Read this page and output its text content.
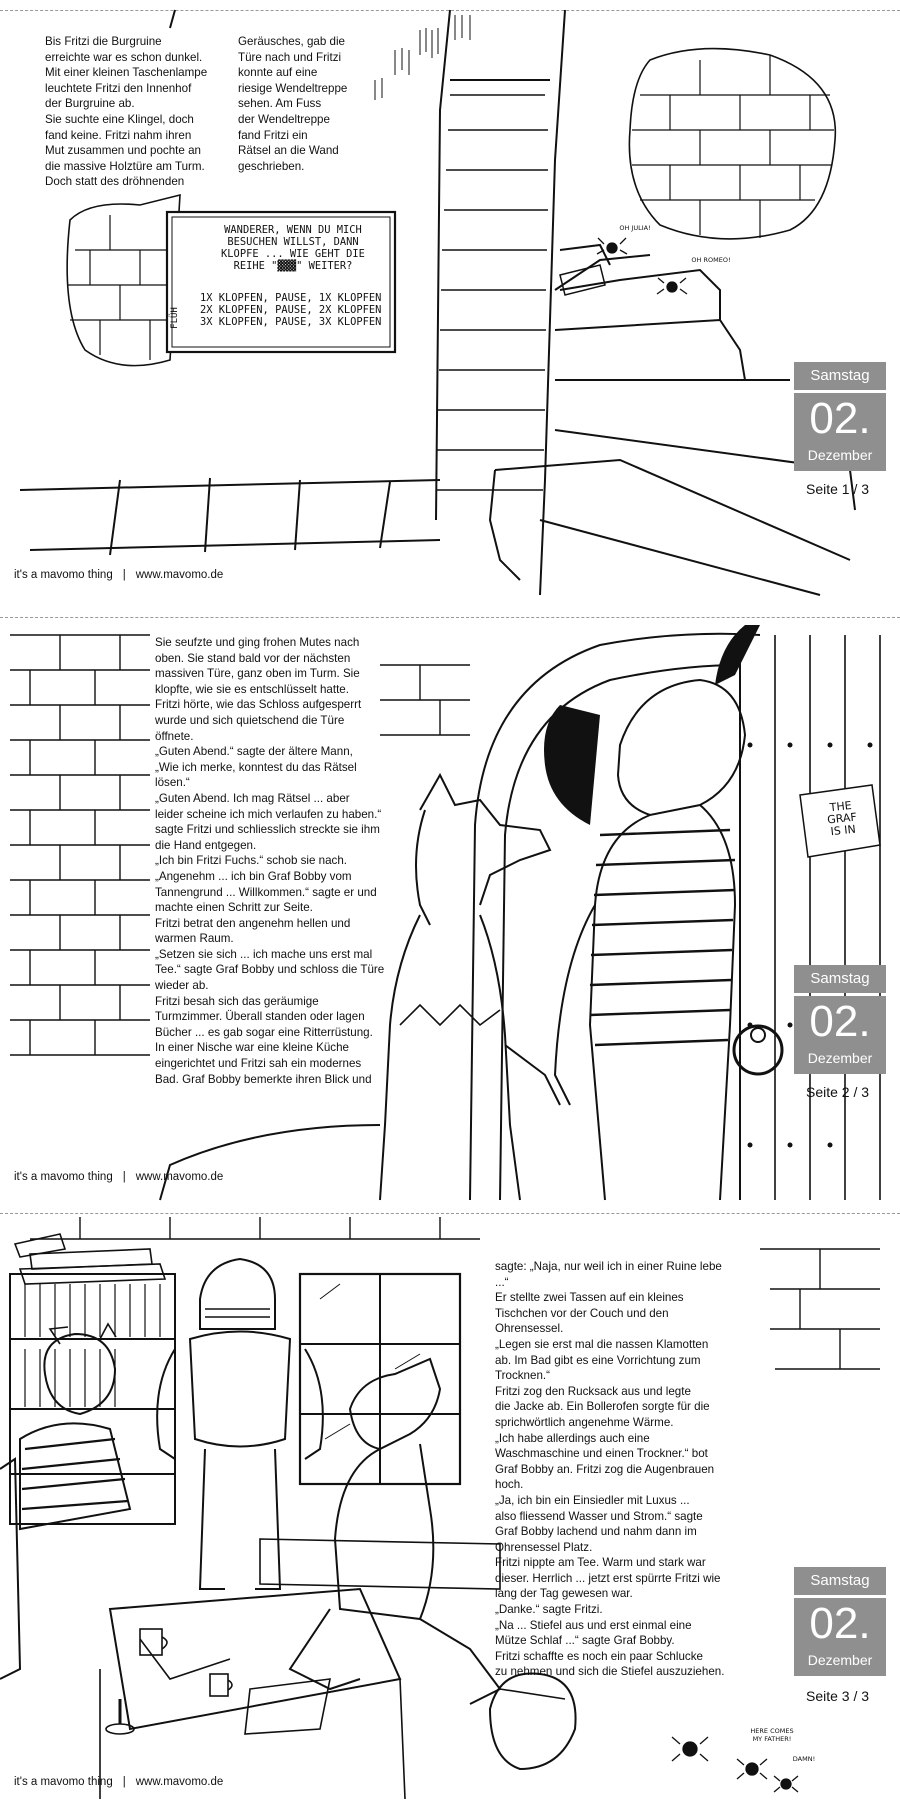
Bis Fritzi die Burgruine
erreichte war es schon dunkel.
Mit einer kleinen Taschenlampe
leuchtete Fritzi den Innenhof
der Burgruine ab.
Sie suchte eine Klingel, doch
fand keine. Fritzi nahm ihren
Mut zusammen und pochte an
die massive Holztüre am Turm.
Doch statt des dröhnenden
Geräusches, gab die
Türe nach und Fritzi
konnte auf eine
riesige Wendeltreppe
sehen. Am Fuss
der Wendeltreppe
fand Fritzi ein
Rätsel an die Wand
geschrieben.
WANDERER, WENN DU MICH
BESUCHEN WILLST, DANN
KLOPFE ... WIE GEHT DIE
REIHE "▓▓▓" WEITER?

1X KLOPFEN, PAUSE, 1X KLOPFEN
2X KLOPFEN, PAUSE, 2X KLOPFEN
3X KLOPFEN, PAUSE, 3X KLOPFEN
FLÜH
OH JULIA!
OH ROMEO!
Samstag
02.
Dezember
Seite 1 / 3
it's a mavomo thing | www.mavomo.de
Sie seufzte und ging frohen Mutes nach
oben. Sie stand bald vor der nächsten
massiven Türe, ganz oben im Turm. Sie
klopfte, wie sie es entschlüsselt hatte.
Fritzi hörte, wie das Schloss aufgesperrt
wurde und sich quietschend die Türe
öffnete.
„Guten Abend.“ sagte der ältere Mann,
„Wie ich merke, konntest du das Rätsel
lösen.“
„Guten Abend. Ich mag Rätsel ... aber
leider scheine ich mich verlaufen zu haben.“
sagte Fritzi und schliesslich streckte sie ihm
die Hand entgegen.
„Ich bin Fritzi Fuchs.“ schob sie nach.
„Angenehm ... ich bin Graf Bobby vom
Tannengrund ... Willkommen.“ sagte er und
machte einen Schritt zur Seite.
Fritzi betrat den angenehm hellen und
warmen Raum.
„Setzen sie sich ... ich mache uns erst mal
Tee.“ sagte Graf Bobby und schloss die Türe
wieder ab.
Fritzi besah sich das geräumige
Turmzimmer. Überall standen oder lagen
Bücher ... es gab sogar eine Ritterrüstung.
In einer Nische war eine kleine Küche
eingerichtet und Fritzi sah ein modernes
Bad. Graf Bobby bemerkte ihren Blick und
THE
GRAF
IS IN
Samstag
02.
Dezember
Seite 2 / 3
it's a mavomo thing | www.mavomo.de
sagte: „Naja, nur weil ich in einer Ruine lebe
...“
Er stellte zwei Tassen auf ein kleines
Tischchen vor der Couch und den
Ohrensessel.
„Legen sie erst mal die nassen Klamotten
ab. Im Bad gibt es eine Vorrichtung zum
Trocknen.“
Fritzi zog den Rucksack aus und legte
die Jacke ab. Ein Bollerofen sorgte für die
sprichwörtlich angenehme Wärme.
„Ich habe allerdings auch eine
Waschmaschine und einen Trockner.“ bot
Graf Bobby an. Fritzi zog die Augenbrauen
hoch.
„Ja, ich bin ein Einsiedler mit Luxus ...
also fliessend Wasser und Strom.“ sagte
Graf Bobby lachend und nahm dann im
Ohrensessel Platz.
Fritzi nippte am Tee. Warm und stark war
dieser. Herrlich ... jetzt erst spürrte Fritzi wie
lang der Tag gewesen war.
„Danke.“ sagte Fritzi.
„Na ... Stiefel aus und erst einmal eine
Mütze Schlaf ...“ sagte Graf Bobby.
Fritzi schaffte es noch ein paar Schlucke
zu nehmen und sich die Stiefel auszuziehen.
HERE COMES
MY FATHER!
DAMN!
Samstag
02.
Dezember
Seite 3 / 3
it's a mavomo thing | www.mavomo.de
